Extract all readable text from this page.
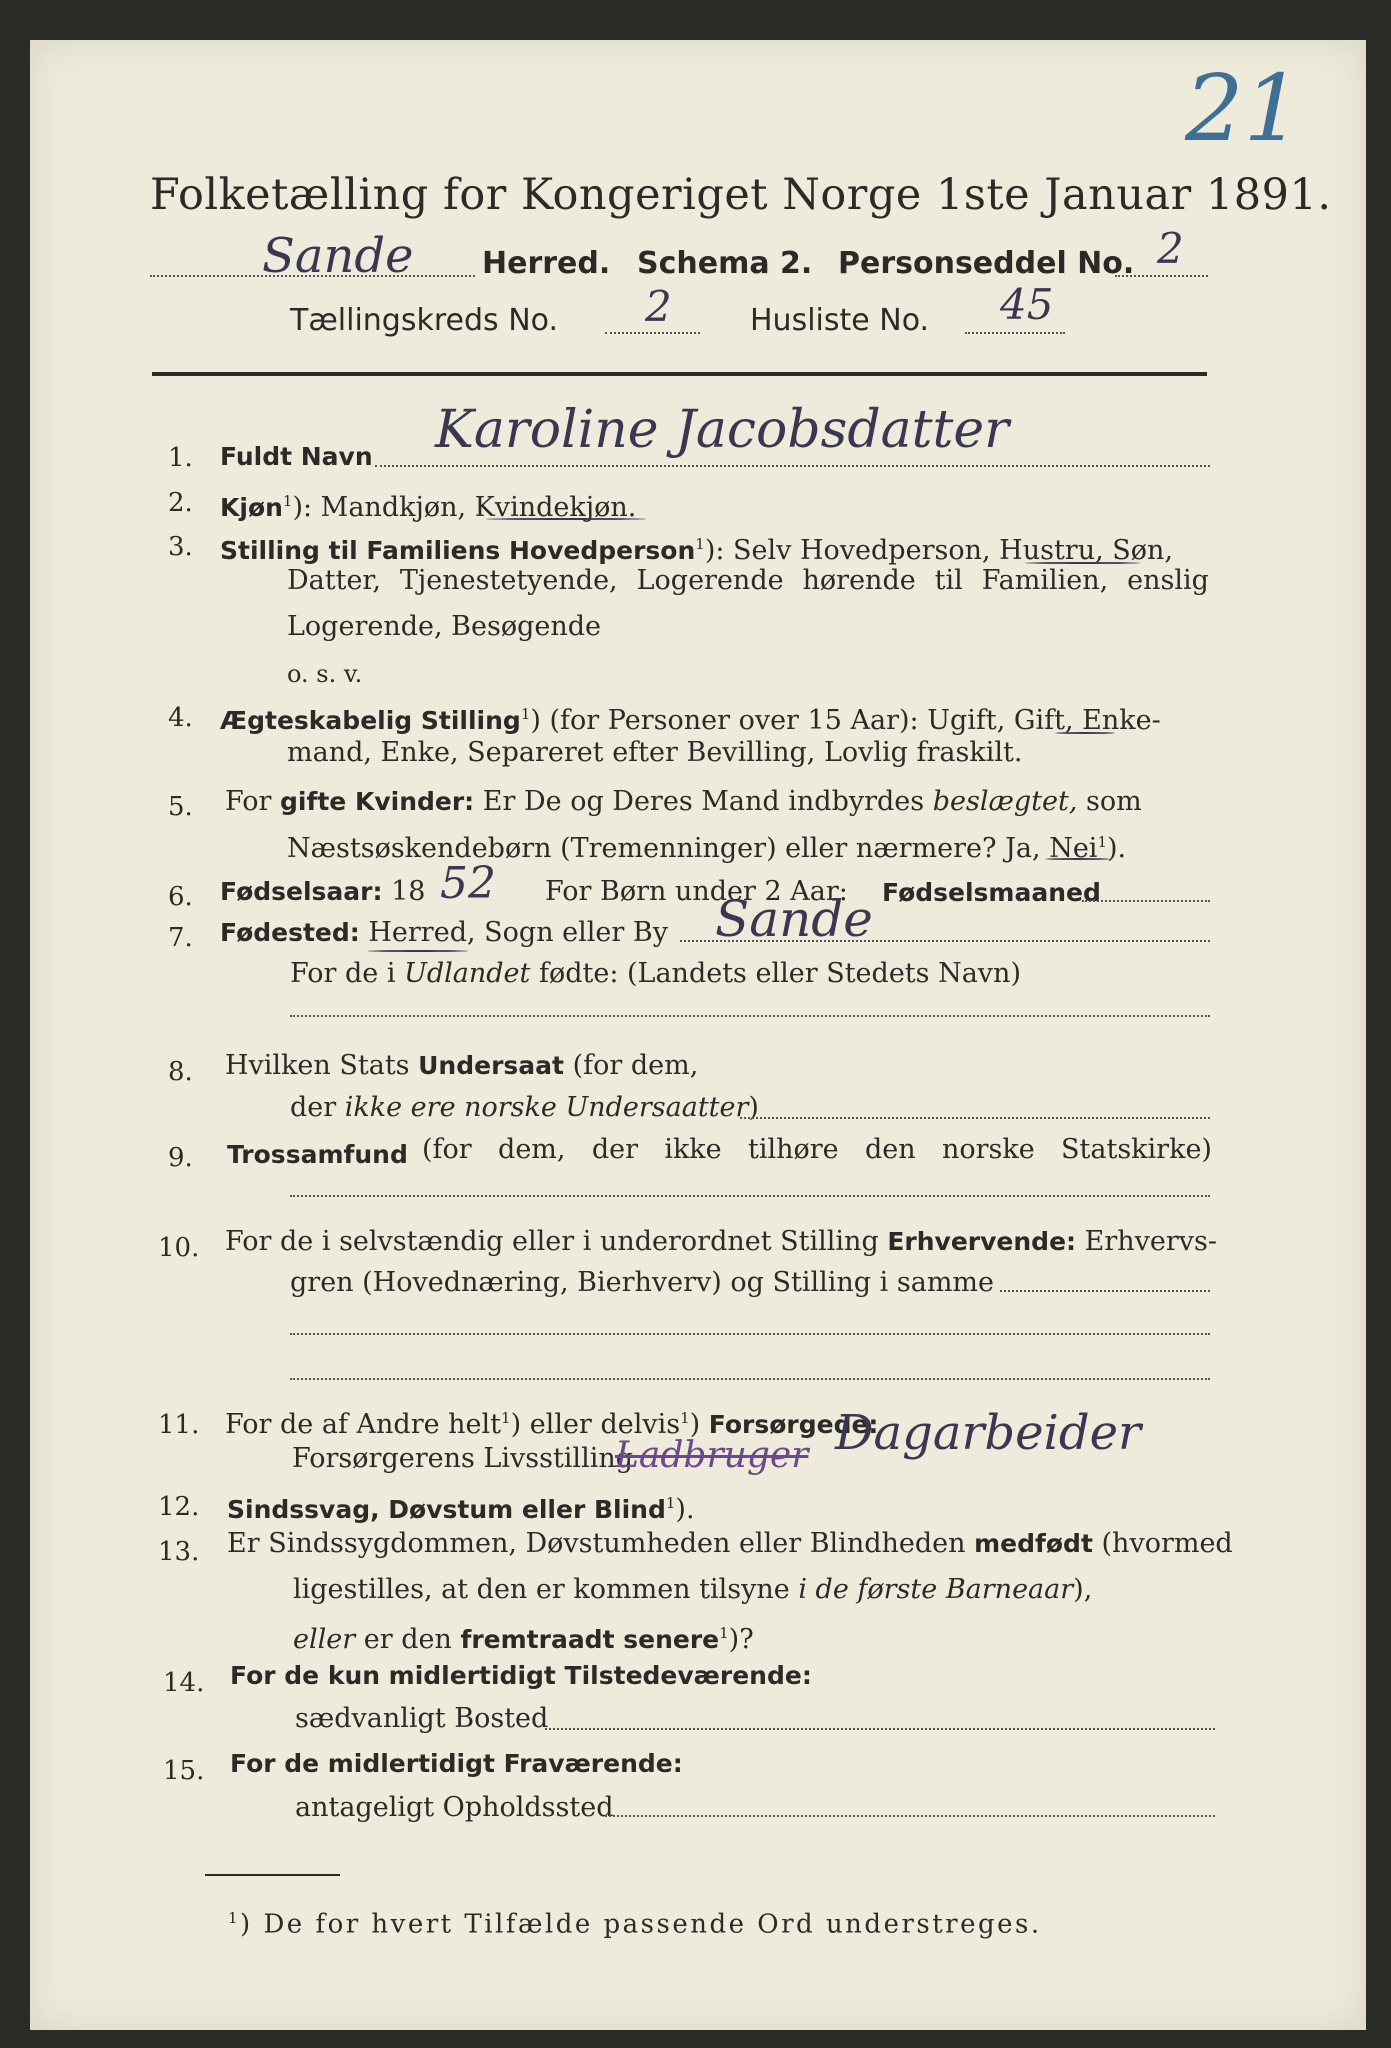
21
Folketælling for Kongeriget Norge 1ste Januar 1891.
Sande Herred. Schema 2. Personseddel No. 2
Tællingskreds No. 2	Husliste No. 45
1. Fuldt Navn Karoline Jacobsdatter
2. Kjøn$^1$): Mandkjøn, Kvindekjøn.
3. Stilling til Familiens Hovedperson$^1$): Selv Hovedperson, Hustru, Søn,
Datter, Tjenestetyende, Logerende hørende til Familien, enslig
Logerende, Besøgende
o. s. v.
4. Ægteskabelig Stilling$^1$) (for Personer over 15 Aar): Ugift, Gift, Enke-
mand, Enke, Separeret efter Bevilling, Lovlig fraskilt.
5. For gifte Kvinder: Er De og Deres Mand indbyrdes beslægtet, som
Næstsøskendebørn (Tremenninger) eller nærmere? Ja, Nei$^1$).
6. Fødselsaar: 18 52 For Børn under 2 Aar: Fødselsmaaned
7. Fødested: Herred, Sogn eller By Sande
For de i Udlandet fødte: (Landets eller Stedets Navn)
8. Hvilken Stats Undersaat (for dem,
der ikke ere norske Undersaatter)
9. Trossamfund (for dem, der ikke tilhøre den norske Statskirke)
10. For de i selvstændig eller i underordnet Stilling Erhvervende: Erhvervs-
gren (Hovednæring, Bierhverv) og Stilling i samme
11. For de af Andre helt$^1$) eller delvis$^1$) Forsørgede:
Forsørgerens Livsstilling
Ladbruger Dagarbeider
12. Sindssvag, Døvstum eller Blind$^1$).
13. Er Sindssygdommen, Døvstumheden eller Blindheden medfødt (hvormed
ligestilles, at den er kommen tilsyne i de første Barneaar),
eller er den fremtraadt senere$^1$)?
14. For de kun midlertidigt Tilstedeværende:
sædvanligt Bosted
15. For de midlertidigt Fraværende:
antageligt Opholdssted
$^1$) De for hvert Tilfælde passende Ord understreges.
